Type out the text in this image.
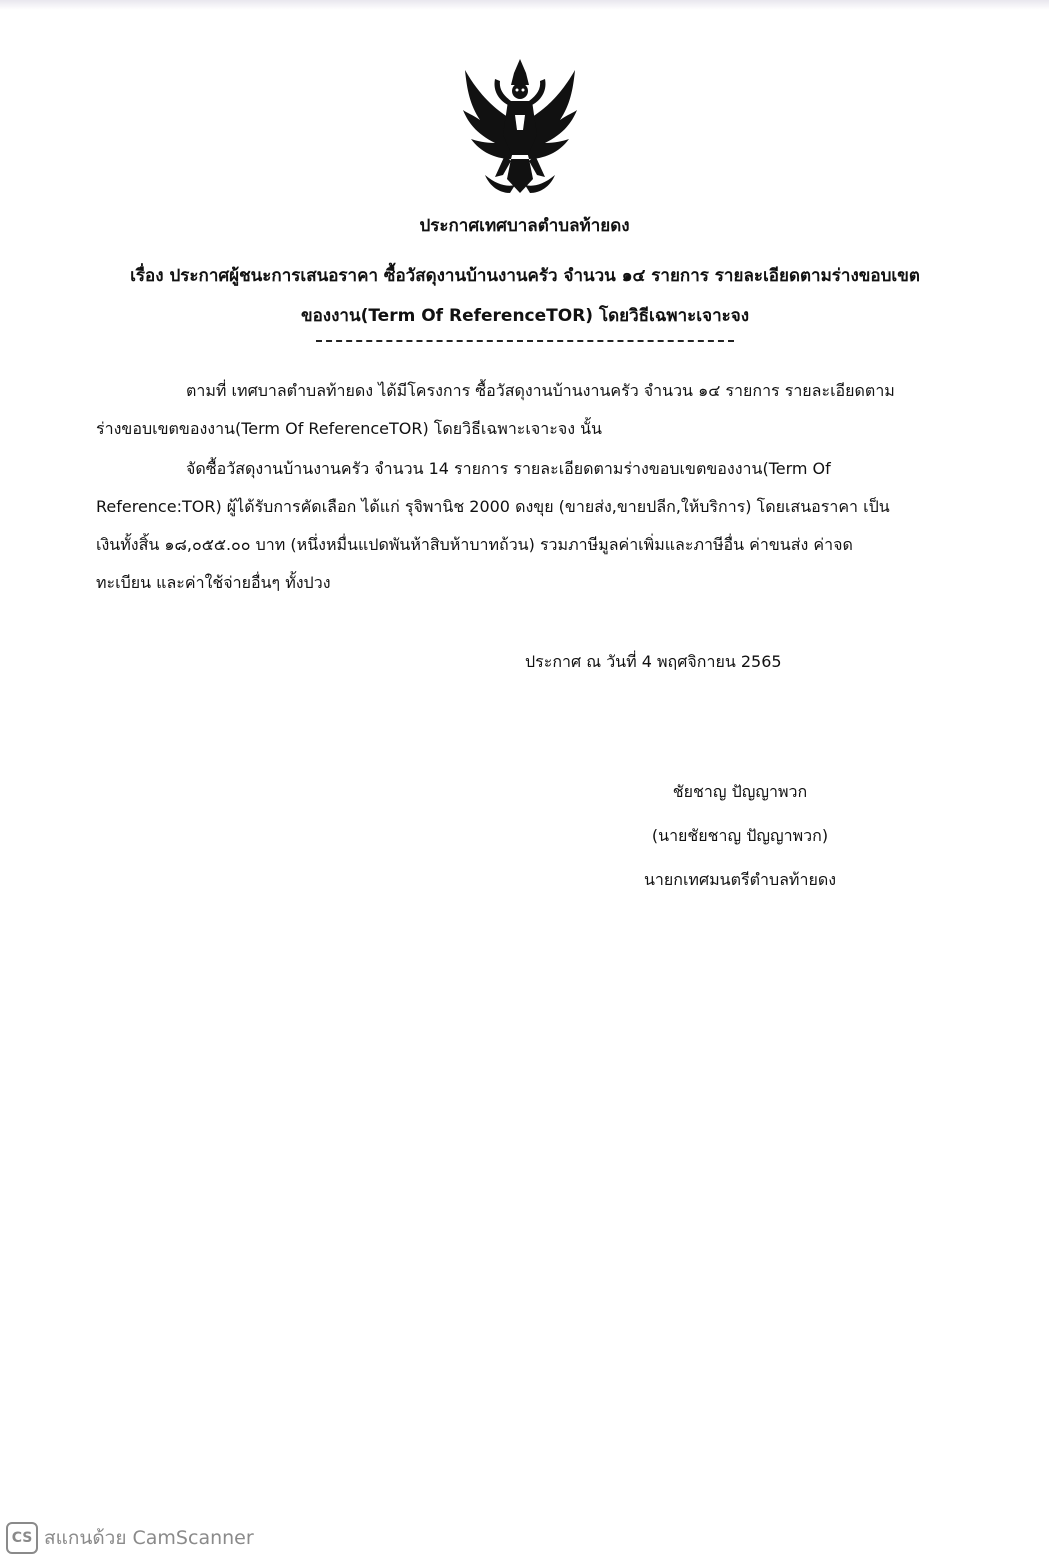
ประกาศเทศบาลตำบลท้ายดง
เรื่อง ประกาศผู้ชนะการเสนอราคา ซื้อวัสดุงานบ้านงานครัว จำนวน ๑๔ รายการ รายละเอียดตามร่างขอบเขต
ของงาน(Term Of ReferenceTOR) โดยวิธีเฉพาะเจาะจง
ตามที่ เทศบาลตำบลท้ายดง ได้มีโครงการ ซื้อวัสดุงานบ้านงานครัว จำนวน ๑๔ รายการ รายละเอียดตาม
ร่างขอบเขตของงาน(Term Of ReferenceTOR) โดยวิธีเฉพาะเจาะจง นั้น
จัดซื้อวัสดุงานบ้านงานครัว จำนวน 14 รายการ รายละเอียดตามร่างขอบเขตของงาน(Term Of
Reference:TOR) ผู้ได้รับการคัดเลือก ได้แก่ รุจิพานิช 2000 ดงขุย (ขายส่ง,ขายปลีก,ให้บริการ) โดยเสนอราคา เป็น
เงินทั้งสิ้น ๑๘,๐๕๕.๐๐ บาท (หนึ่งหมื่นแปดพันห้าสิบห้าบาทถ้วน) รวมภาษีมูลค่าเพิ่มและภาษีอื่น ค่าขนส่ง ค่าจด
ทะเบียน และค่าใช้จ่ายอื่นๆ ทั้งปวง
ประกาศ ณ วันที่ 4 พฤศจิกายน 2565
ชัยชาญ ปัญญาพวก
(นายชัยชาญ ปัญญาพวก)
นายกเทศมนตรีตำบลท้ายดง
CS สแกนด้วย CamScanner
